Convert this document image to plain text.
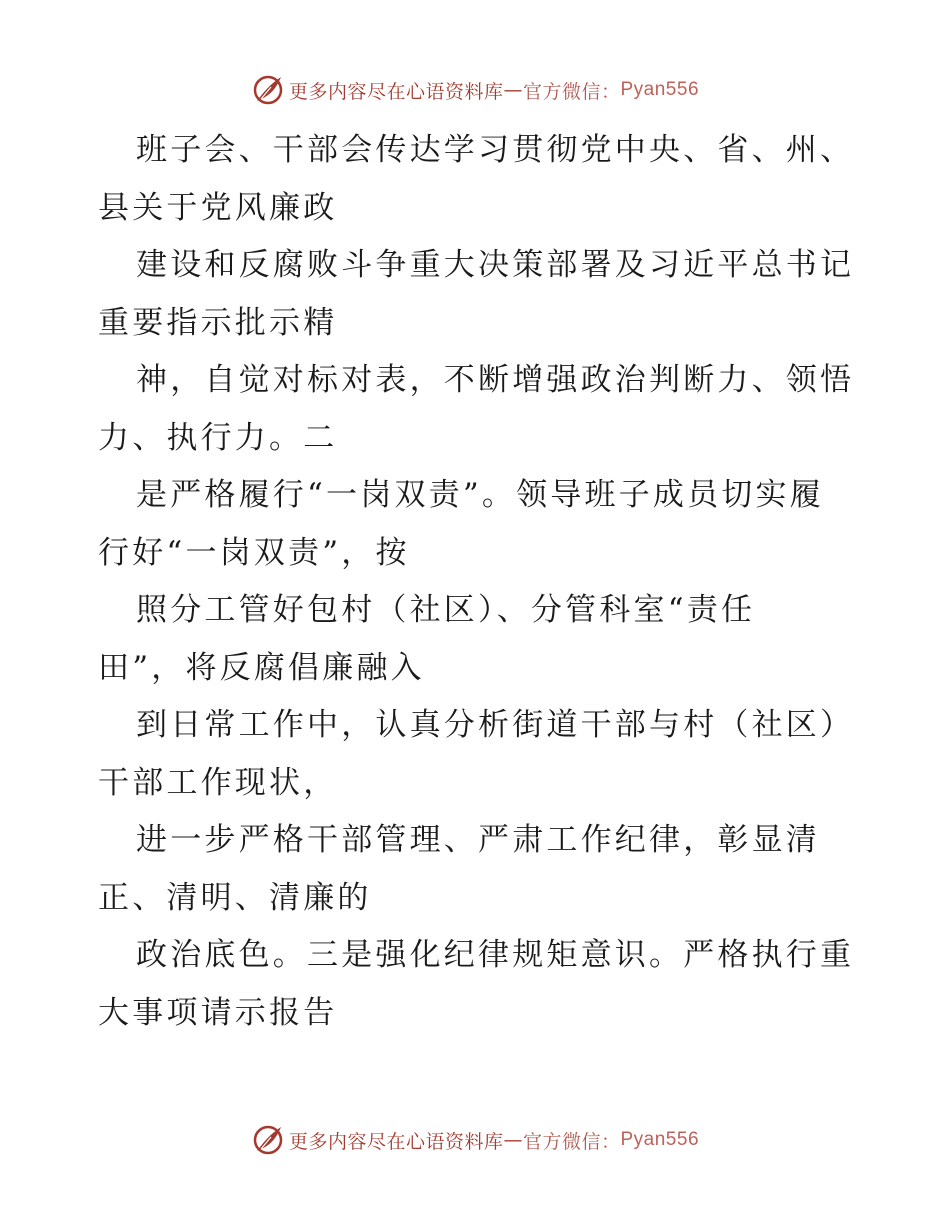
更多内容尽在心语资料库 — 官方微信： Pyan556
班子会、干部会传达学习贯彻党中央、省、州、
县关于党风廉政
建设和反腐败斗争重大决策部署及习近平总书记
重要指示批示精
神，自觉对标对表，不断增强政治判断力、领悟
力、执行力。二
是严格履行“一岗双责”。领导班子成员切实履
行好“一岗双责”，按
照分工管好包村（社区）、分管科室“责任
田”，将反腐倡廉融入
到日常工作中，认真分析街道干部与村（社区）
干部工作现状，
进一步严格干部管理、严肃工作纪律，彰显清
正、清明、清廉的
政治底色。三是强化纪律规矩意识。严格执行重
大事项请示报告
更多内容尽在心语资料库 — 官方微信： Pyan556
